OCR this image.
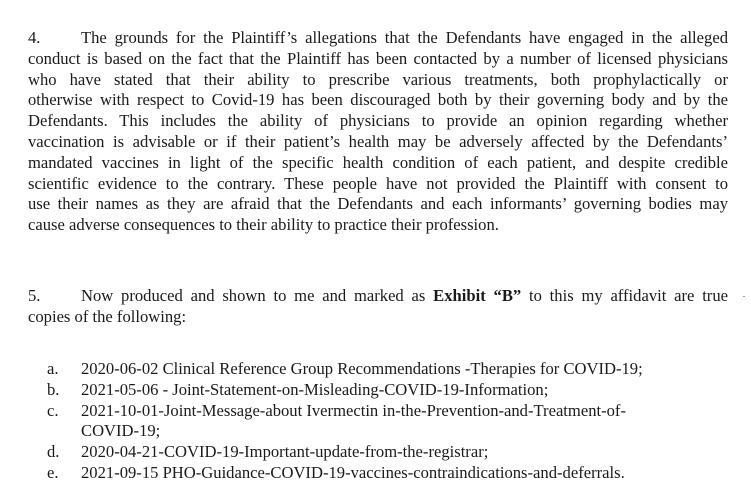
4. The grounds for the Plaintiff’s allegations that the Defendants have engaged in the alleged
conduct is based on the fact that the Plaintiff has been contacted by a number of licensed physicians
who have stated that their ability to prescribe various treatments, both prophylactically or
otherwise with respect to Covid-19 has been discouraged both by their governing body and by the
Defendants. This includes the ability of physicians to provide an opinion regarding whether
vaccination is advisable or if their patient’s health may be adversely affected by the Defendants’
mandated vaccines in light of the specific health condition of each patient, and despite credible
scientific evidence to the contrary. These people have not provided the Plaintiff with consent to
use their names as they are afraid that the Defendants and each informants’ governing bodies may
cause adverse consequences to their ability to practice their profession.
5. Now produced and shown to me and marked as Exhibit “B” to this my affidavit are true
copies of the following:
a. 2020-06-02 Clinical Reference Group Recommendations -Therapies for COVID-19;
b. 2021-05-06 - Joint-Statement-on-Misleading-COVID-19-Information;
c. 2021-10-01-Joint-Message-about Ivermectin in-the-Prevention-and-Treatment-of-
COVID-19;
d. 2020-04-21-COVID-19-Important-update-from-the-registrar;
e. 2021-09-15 PHO-Guidance-COVID-19-vaccines-contraindications-and-deferrals.
